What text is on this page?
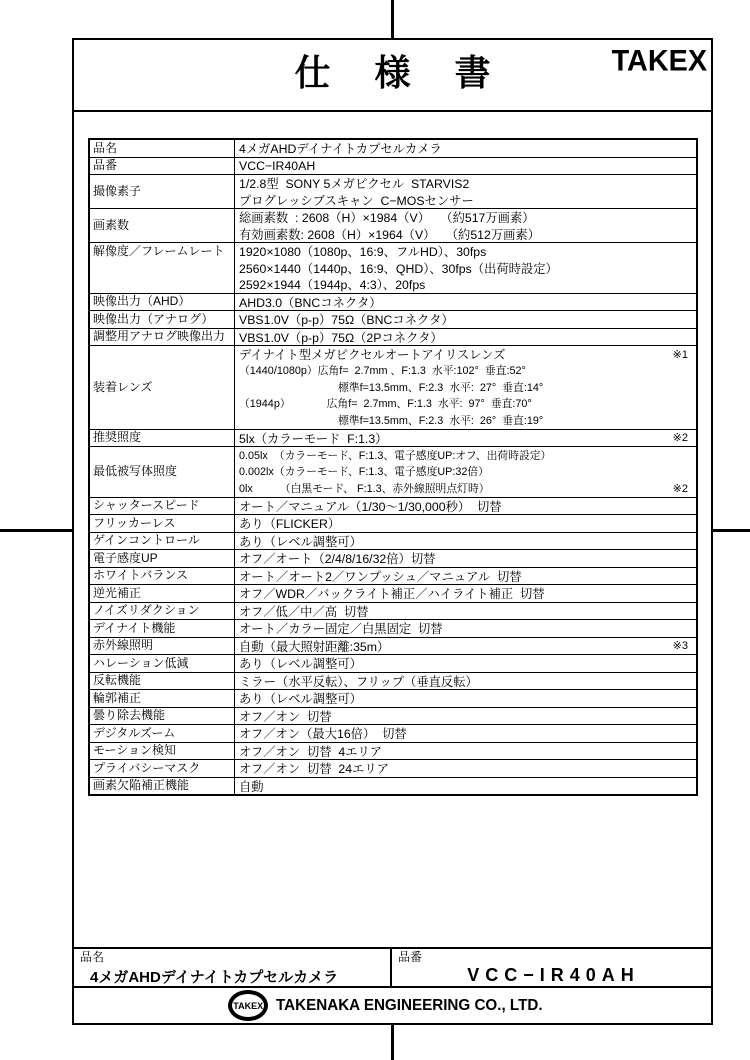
仕 様 書	TAKEX
品名	4メガAHDデイナイトカプセルカメラ
品番	VCC−IR40AH
撮像素子	1/2.8型  SONY 5メガピクセル  STARVIS2
プログレッシブスキャン  C−MOSセンサー
画素数	総画素数  : 2608（H）×1984（V）   （約517万画素）
有効画素数: 2608（H）×1964（V）   （約512万画素）
解像度／フレームレート	1920×1080（1080p、16:9、フルHD）、30fps
2560×1440（1440p、16:9、QHD）、30fps（出荷時設定）
2592×1944（1944p、4:3）、20fps
映像出力（AHD）	AHD3.0（BNCコネクタ）
映像出力（アナログ）	VBS1.0V（p-p）75Ω（BNCコネクタ）
調整用アナログ映像出力	VBS1.0V（p-p）75Ω（2Pコネクタ）
装着レンズ
デイナイト型メガピクセルオートアイリスレンズ	※1
（1440/1080p）広角f=  2.7mm 、F:1.3  水平:102°  垂直:52°
標準f=13.5mm、F:2.3  水平:  27°  垂直:14°
（1944p）            広角f=  2.7mm、F:1.3  水平:  97°  垂直:70°
標準f=13.5mm、F:2.3  水平:  26°  垂直:19°
推奨照度	5lx（カラーモード  F:1.3）	※2
最低被写体照度
0.05lx  （カラーモード、F:1.3、電子感度UP:オフ、出荷時設定）
0.002lx（カラーモード、F:1.3、電子感度UP:32倍）
0lx         （白黒モード、 F:1.3、赤外線照明点灯時）	※2
シャッタースピード	オート／マニュアル（1/30～1/30,000秒）  切替
フリッカーレス	あり（FLICKER）
ゲインコントロール	あり（レベル調整可）
電子感度UP	オフ／オート（2/4/8/16/32倍）切替
ホワイトバランス	オート／オート2／ワンプッシュ／マニュアル  切替
逆光補正	オフ／WDR／バックライト補正／ハイライト補正  切替
ノイズリダクション	オフ／低／中／高  切替
デイナイト機能	オート／カラー固定／白黒固定  切替
赤外線照明	自動（最大照射距離:35m）	※3
ハレーション低減	あり（レベル調整可）
反転機能	ミラー（水平反転）、フリップ（垂直反転）
輪郭補正	あり（レベル調整可）
曇り除去機能	オフ／オン  切替
デジタルズーム	オフ／オン（最大16倍）  切替
モーション検知	オフ／オン  切替  4エリア
プライバシーマスク	オフ／オン  切替  24エリア
画素欠陥補正機能	自動
品名
4メガAHDデイナイトカプセルカメラ
品番
VCC−IR40AH
TAKEX TAKENAKA ENGINEERING CO., LTD.
